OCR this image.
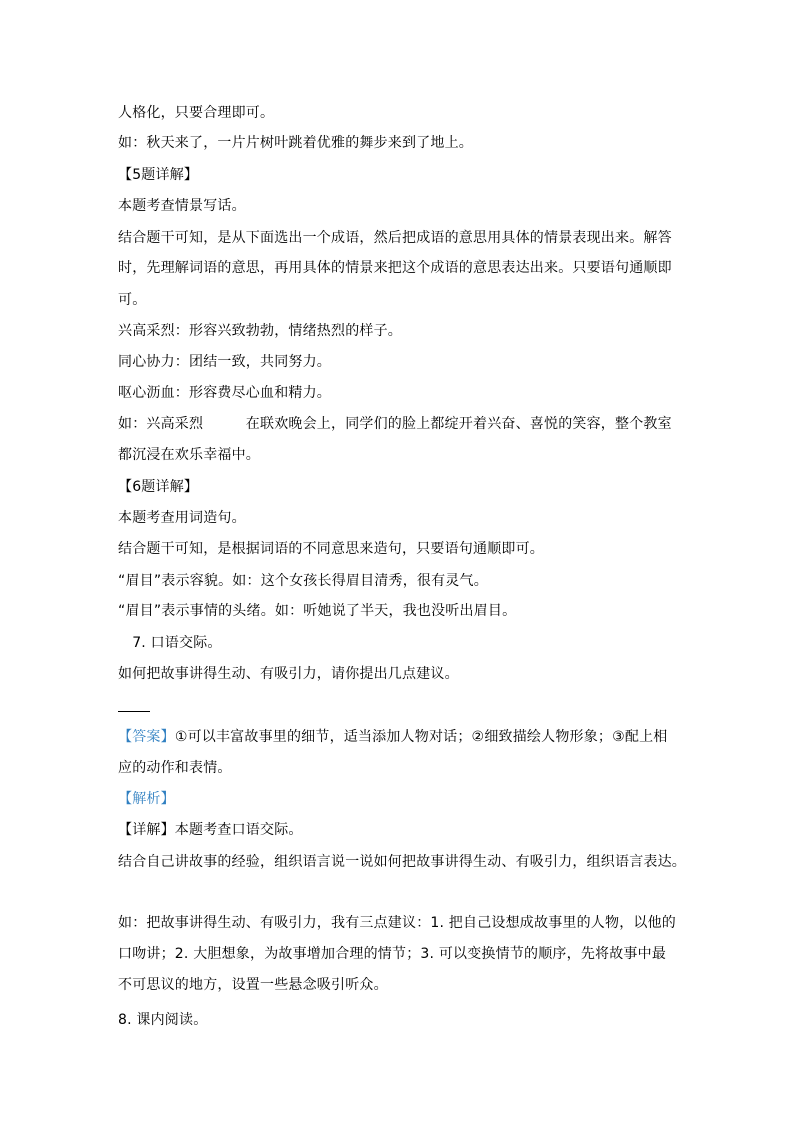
人格化，只要合理即可。
如：秋天来了，一片片树叶跳着优雅的舞步来到了地上。
【5题详解】
本题考查情景写话。
结合题干可知，是从下面选出一个成语，然后把成语的意思用具体的情景表现出来。解答
时，先理解词语的意思，再用具体的情景来把这个成语的意思表达出来。只要语句通顺即
可。
兴高采烈：形容兴致勃勃，情绪热烈的样子。
同心协力：团结一致，共同努力。
呕心沥血：形容费尽心血和精力。
如：兴高采烈　　　在联欢晚会上，同学们的脸上都绽开着兴奋、喜悦的笑容，整个教室
都沉浸在欢乐幸福中。
【6题详解】
本题考查用词造句。
结合题干可知，是根据词语的不同意思来造句，只要语句通顺即可。
“眉目”表示容貌。如：这个女孩长得眉目清秀，很有灵气。
“眉目”表示事情的头绪。如：听她说了半天，我也没听出眉目。
　7. 口语交际。
如何把故事讲得生动、有吸引力，请你提出几点建议。
【答案】①可以丰富故事里的细节，适当添加人物对话；②细致描绘人物形象；③配上相
应的动作和表情。
【解析】
【详解】本题考查口语交际。
结合自己讲故事的经验，组织语言说一说如何把故事讲得生动、有吸引力，组织语言表达。
如：把故事讲得生动、有吸引力，我有三点建议：1. 把自己设想成故事里的人物，以他的
口吻讲；2. 大胆想象，为故事增加合理的情节；3. 可以变换情节的顺序，先将故事中最
不可思议的地方，设置一些悬念吸引听众。
8. 课内阅读。
